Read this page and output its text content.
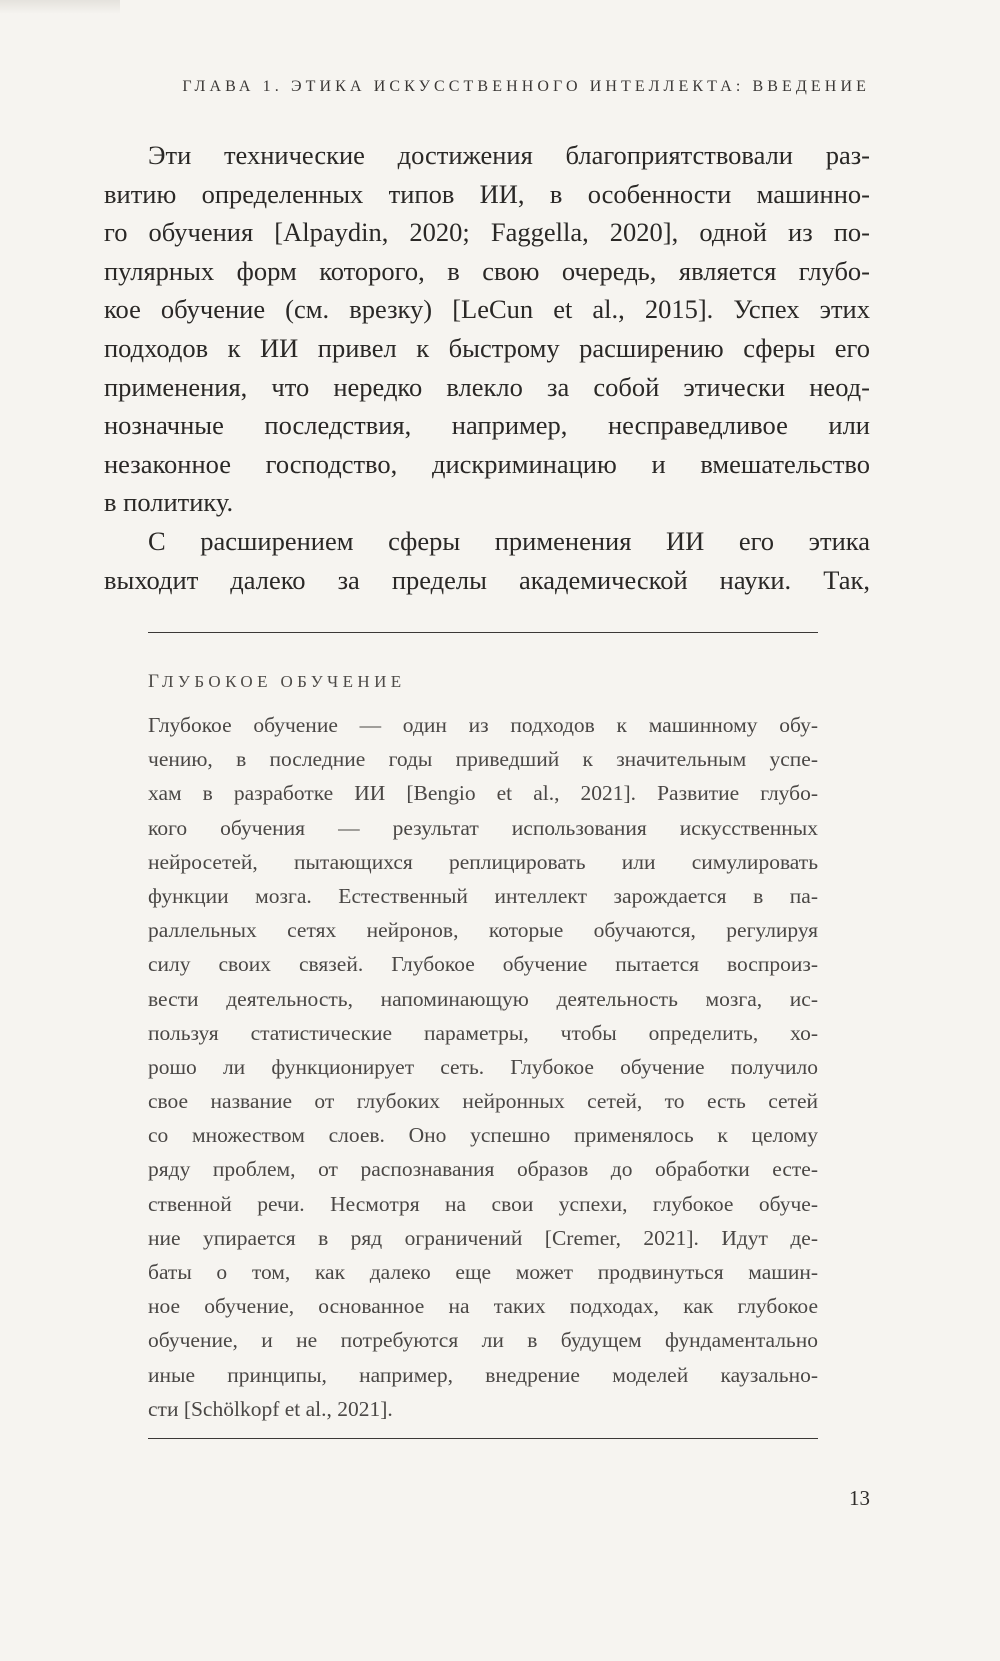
ГЛАВА 1. ЭТИКА ИСКУССТВЕННОГО ИНТЕЛЛЕКТА: ВВЕДЕНИЕ

Эти технические достижения благоприятствовали раз-
витию определенных типов ИИ, в особенности машинно-
го обучения [Alpaydin, 2020; Faggella, 2020], одной из по-
пулярных форм которого, в свою очередь, является глубо-
кое обучение (см. врезку) [LeCun et al., 2015]. Успех этих
подходов к ИИ привел к быстрому расширению сферы его
применения, что нередко влекло за собой этически неод-
нозначные последствия, например, несправедливое или
незаконное господство, дискриминацию и вмешательство
в политику.

С расширением сферы применения ИИ его этика
выходит далеко за пределы академической науки. Так,

ГЛУБОКОЕ ОБУЧЕНИЕ
Глубокое обучение — один из подходов к машинному обу-
чению, в последние годы приведший к значительным успе-
хам в разработке ИИ [Bengio et al., 2021]. Развитие глубо-
кого обучения — результат использования искусственных
нейросетей, пытающихся реплицировать или симулировать
функции мозга. Естественный интеллект зарождается в па-
раллельных сетях нейронов, которые обучаются, регулируя
силу своих связей. Глубокое обучение пытается воспроиз-
вести деятельность, напоминающую деятельность мозга, ис-
пользуя статистические параметры, чтобы определить, хо-
рошо ли функционирует сеть. Глубокое обучение получило
свое название от глубоких нейронных сетей, то есть сетей
со множеством слоев. Оно успешно применялось к целому
ряду проблем, от распознавания образов до обработки есте-
ственной речи. Несмотря на свои успехи, глубокое обуче-
ние упирается в ряд ограничений [Cremer, 2021]. Идут де-
баты о том, как далеко еще может продвинуться машин-
ное обучение, основанное на таких подходах, как глубокое
обучение, и не потребуются ли в будущем фундаментально
иные принципы, например, внедрение моделей каузально-
сти [Schölkopf et al., 2021].
13
